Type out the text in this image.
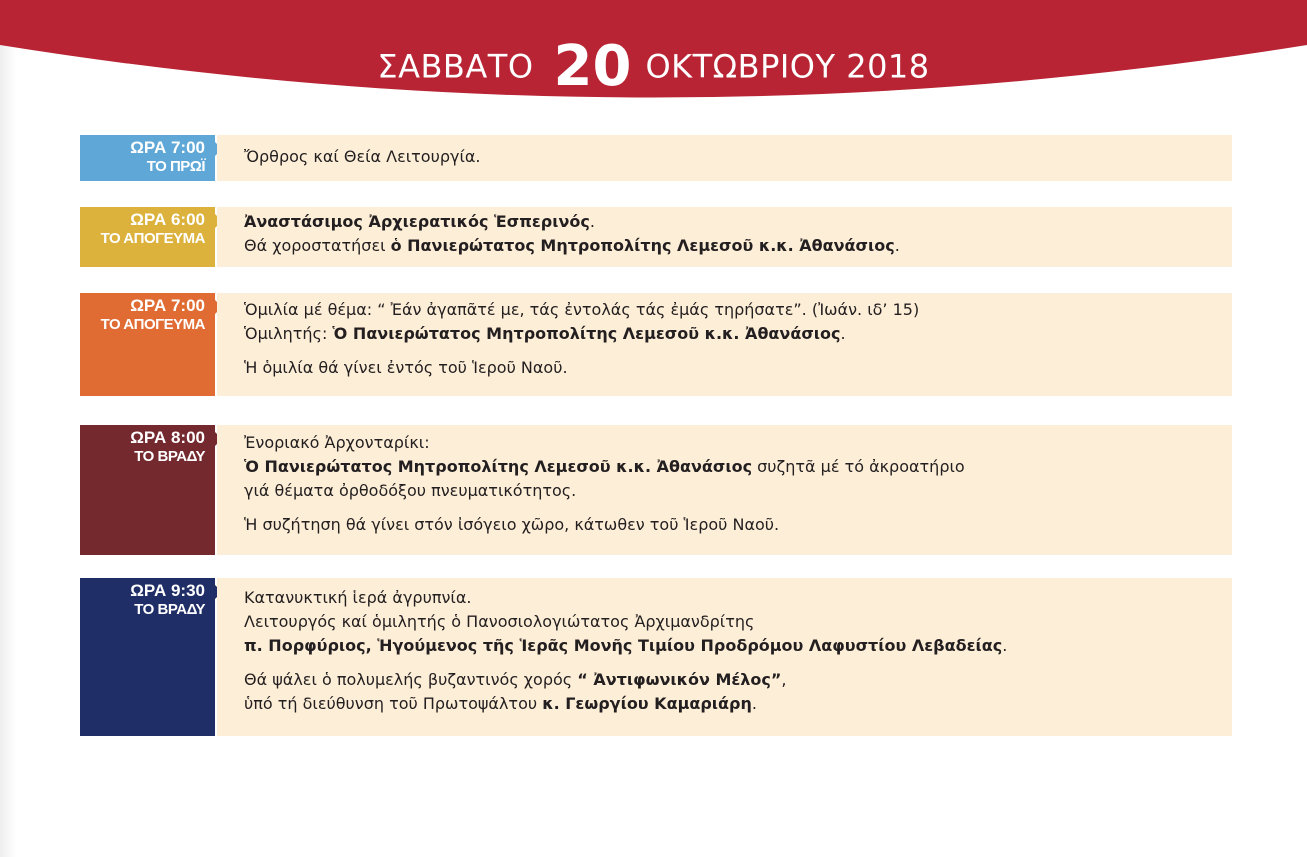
ΣΑΒΒΑΤΟ 20 ΟΚΤΩΒΡΙΟΥ 2018
ΩΡΑ 7:00
ΤΟ ΠΡΩΪ
Ὄρθρος καί Θεία Λειτουργία.
ΩΡΑ 6:00
ΤΟ ΑΠΟΓΕΥΜΑ
Ἀναστάσιμος Ἀρχιερατικός Ἑσπερινός.
Θά χοροστατήσει ὁ Πανιερώτατος Μητροπολίτης Λεμεσοῦ κ.κ. Ἀθανάσιος.
ΩΡΑ 7:00
ΤΟ ΑΠΟΓΕΥΜΑ
Ὁμιλία μέ θέμα: “ Ἐάν ἀγαπᾶτέ με, τάς ἐντολάς τάς ἐμάς τηρήσατε”. (Ἰωάν. ιδ’ 15)
Ὁμιλητής: Ὁ Πανιερώτατος Μητροπολίτης Λεμεσοῦ κ.κ. Ἀθανάσιος.
Ἡ ὁμιλία θά γίνει ἐντός τοῦ Ἱεροῦ Ναοῦ.
ΩΡΑ 8:00
ΤΟ ΒΡΑΔΥ
Ἐνοριακό Ἀρχονταρίκι:
Ὁ Πανιερώτατος Μητροπολίτης Λεμεσοῦ κ.κ. Ἀθανάσιος συζητᾶ μέ τό ἀκροατήριο
γιά θέματα ὀρθοδόξου πνευματικότητος.
Ἡ συζήτηση θά γίνει στόν ἰσόγειο χῶρο, κάτωθεν τοῦ Ἱεροῦ Ναοῦ.
ΩΡΑ 9:30
ΤΟ ΒΡΑΔΥ
Κατανυκτική ἱερά ἀγρυπνία.
Λειτουργός καί ὁμιλητής ὁ Πανοσιολογιώτατος Ἀρχιμανδρίτης
π. Πορφύριος, Ἡγούμενος τῆς Ἱερᾶς Μονῆς Τιμίου Προδρόμου Λαφυστίου Λεβαδείας.
Θά ψάλει ὁ πολυμελής βυζαντινός χορός “ Ἀντιφωνικόν Μέλος”,
ὑπό τή διεύθυνση τοῦ Πρωτοψάλτου κ. Γεωργίου Καμαριάρη.
